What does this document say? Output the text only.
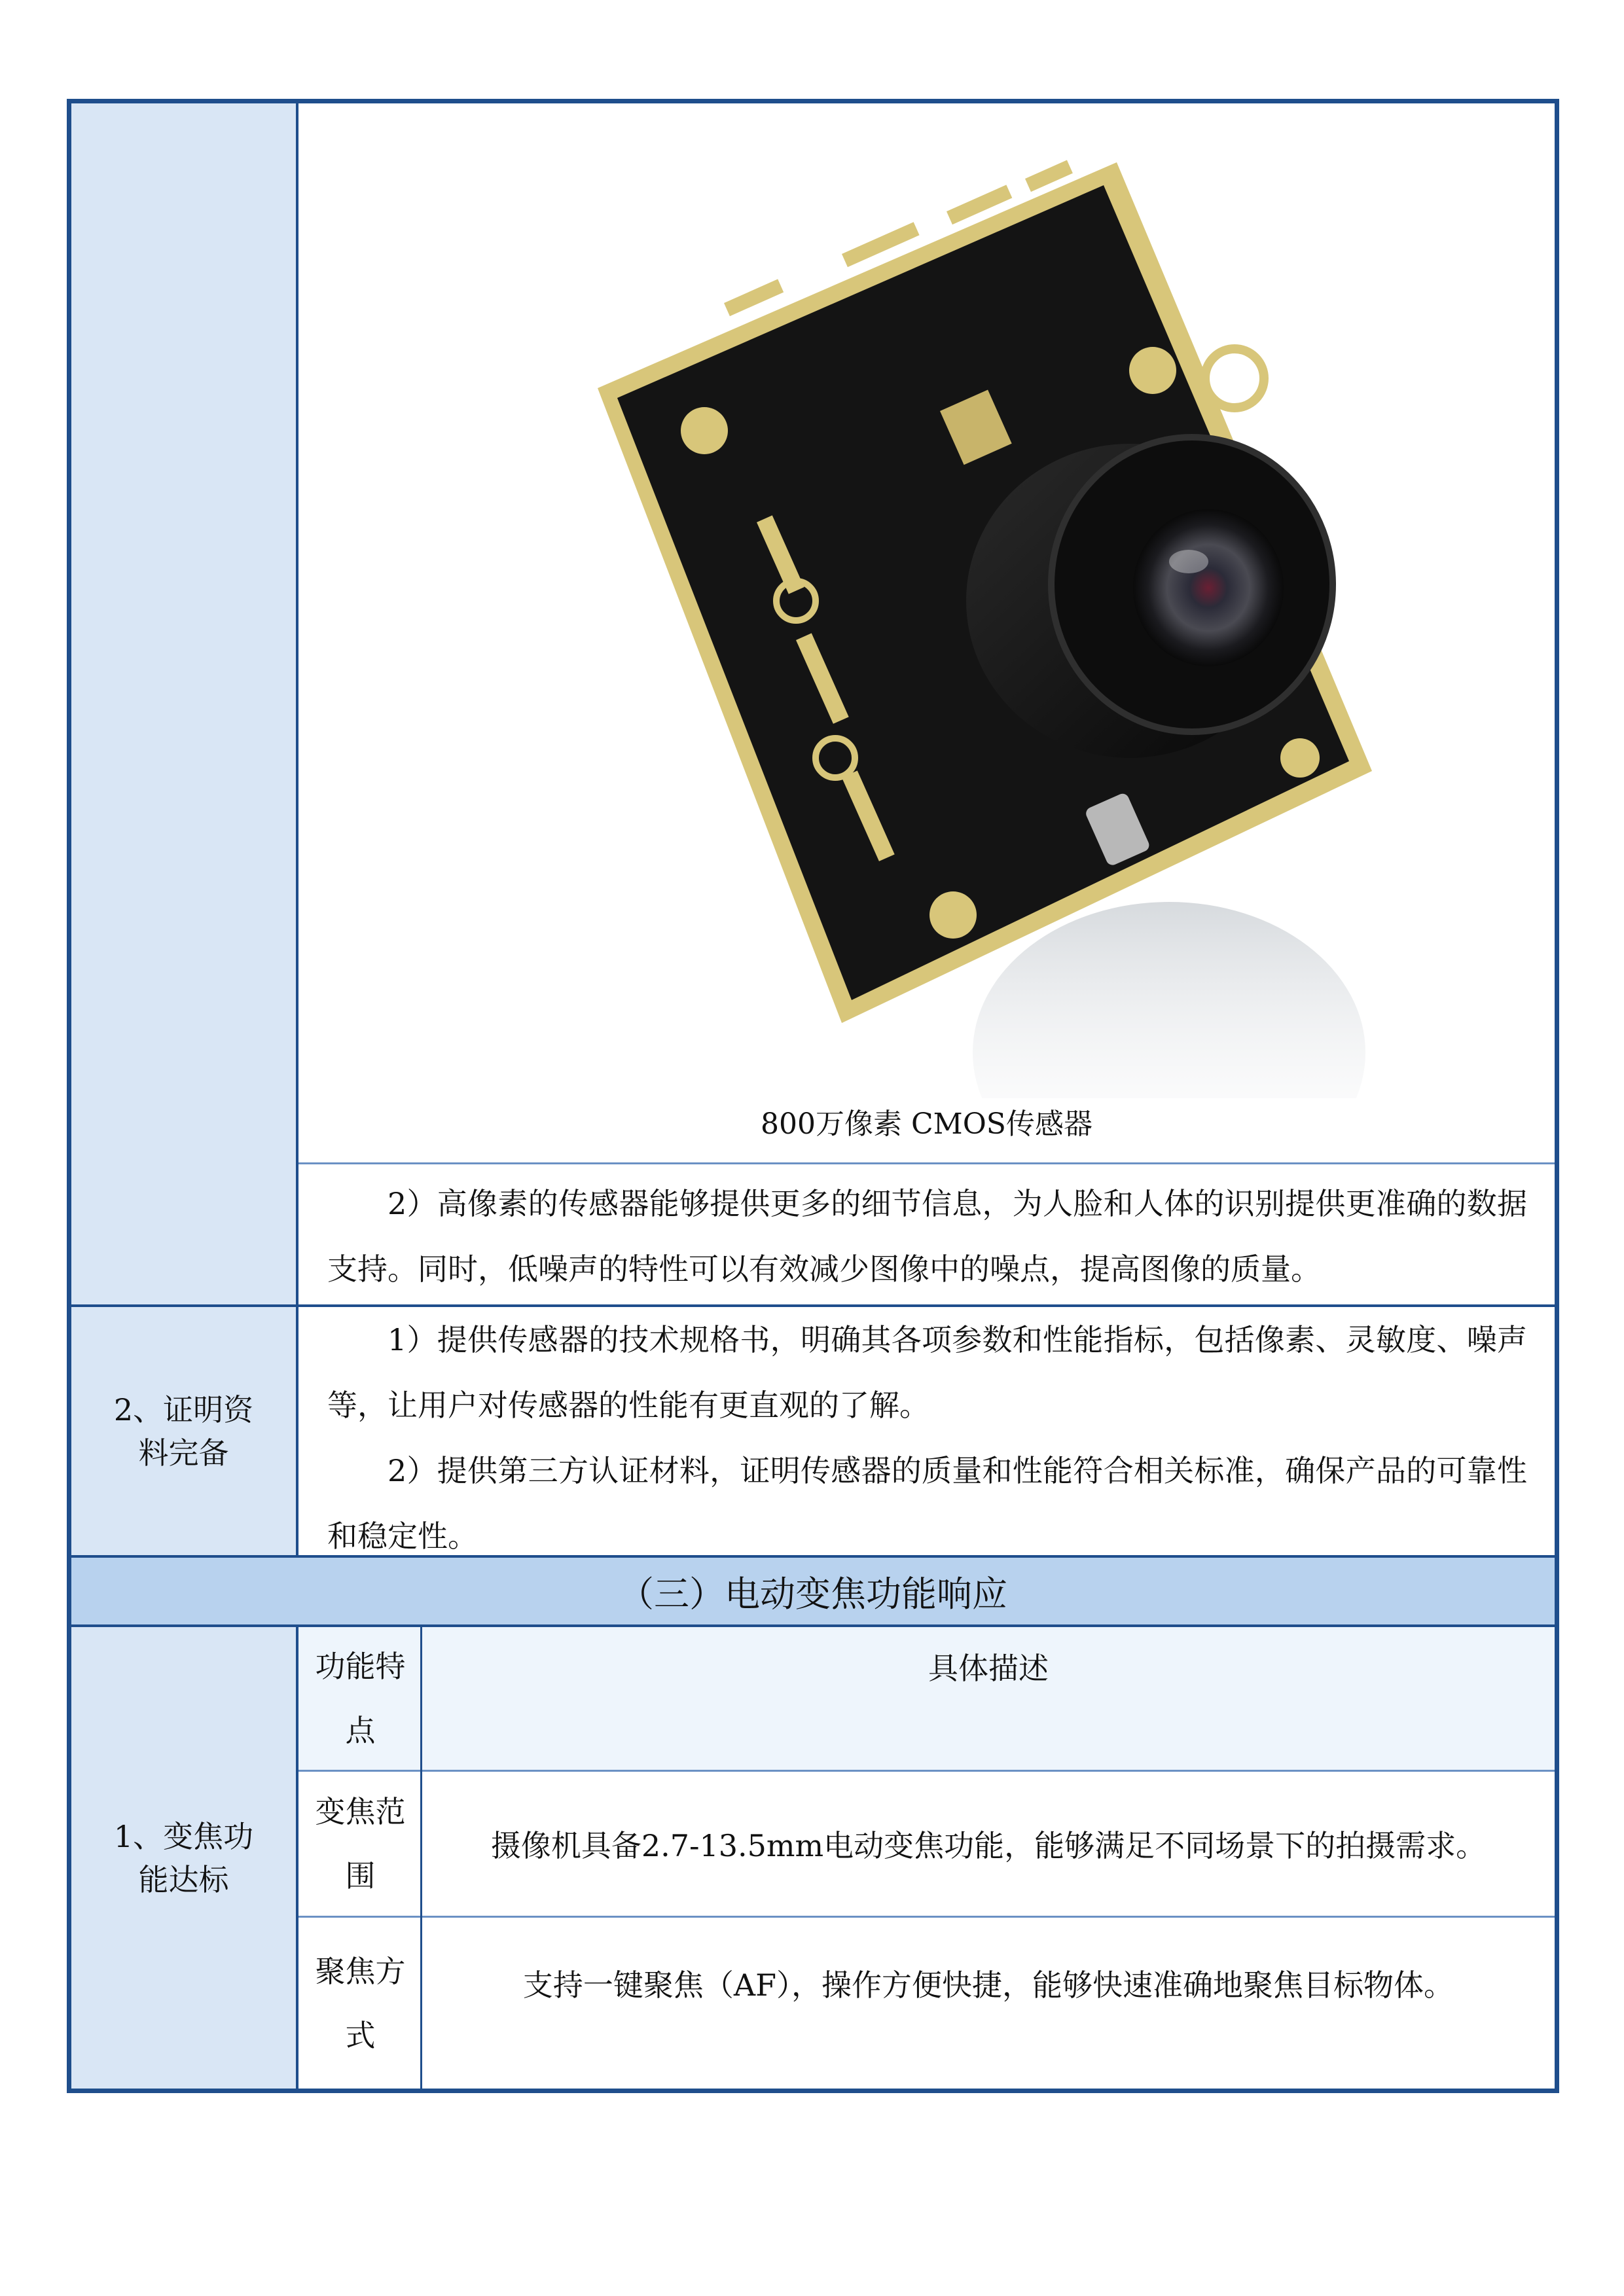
800万像素 CMOS传感器

2）高像素的传感器能够提供更多的细节信息，为人脸和人体的识别提供更准确的数据支持。同时，低噪声的特性可以有效减少图像中的噪点，提高图像的质量。

2、证明资
料完备

1）提供传感器的技术规格书，明确其各项参数和性能指标，包括像素、灵敏度、噪声等，让用户对传感器的性能有更直观的了解。

2）提供第三方认证材料，证明传感器的质量和性能符合相关标准，确保产品的可靠性和稳定性。

（三）电动变焦功能响应
1、变焦功
能达标
功能特
点
具体描述
变焦范
围
摄像机具备2.7-13.5mm电动变焦功能，能够满足不同场景下的拍摄需求。
聚焦方
式
支持一键聚焦（AF），操作方便快捷，能够快速准确地聚焦目标物体。
